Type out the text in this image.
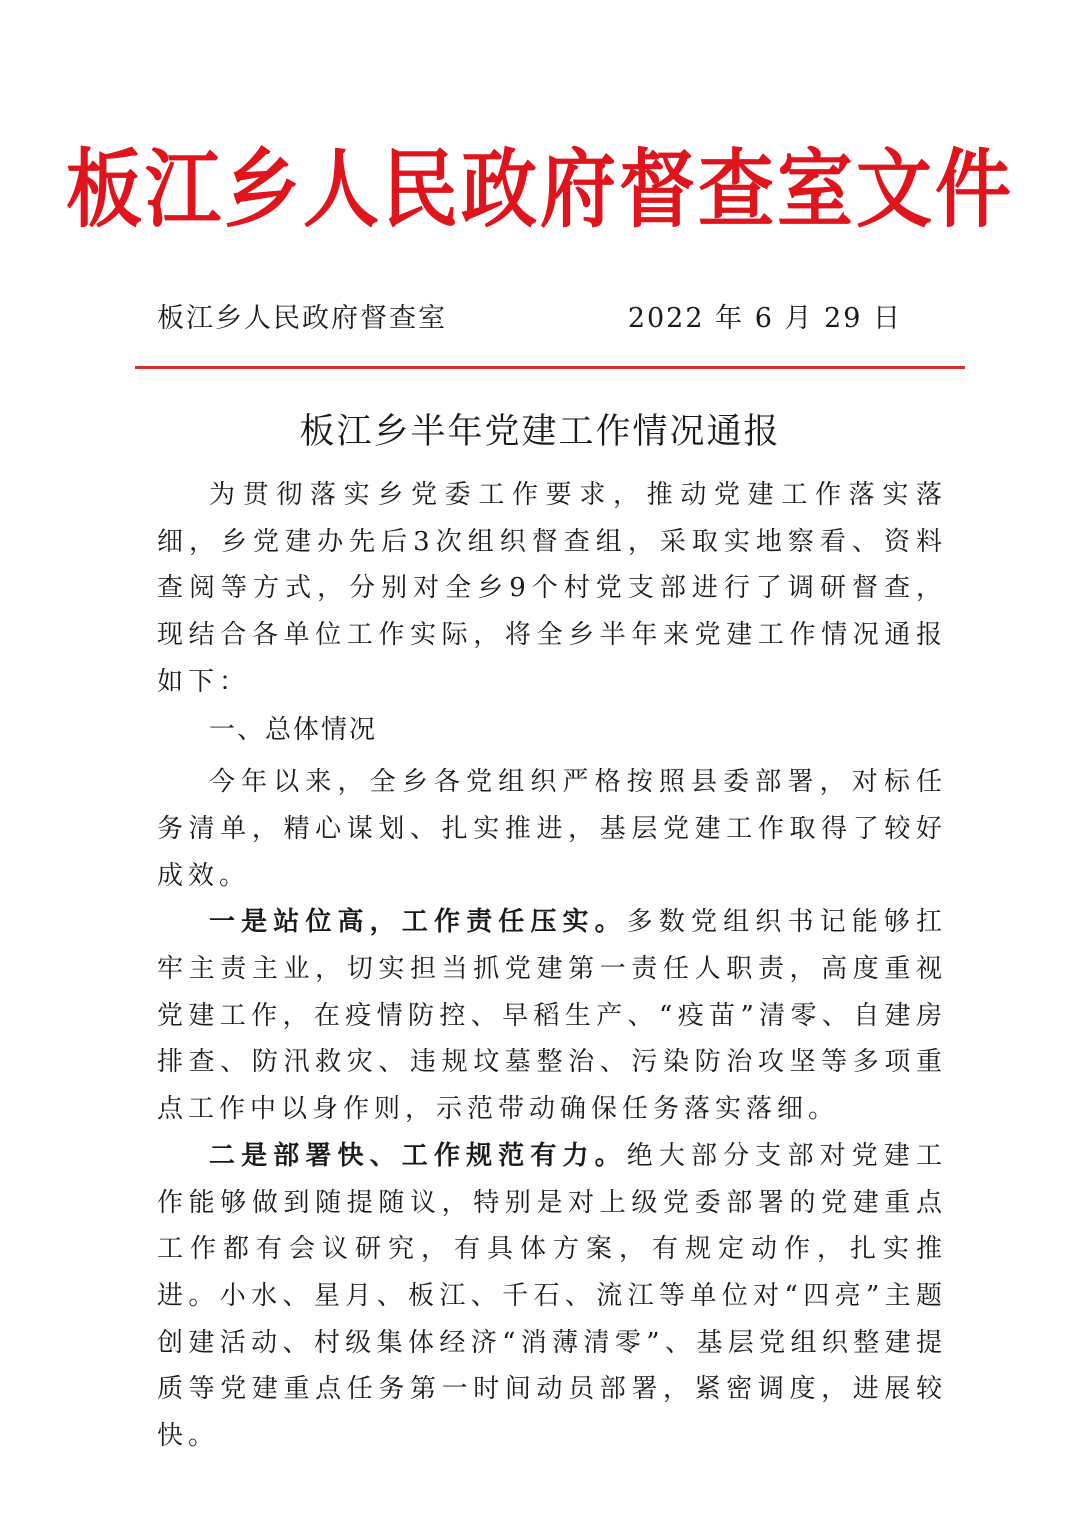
板江乡人民政府督查室文件
板江乡人民政府督查室	2022 年 6 月 29 日
板江乡半年党建工作情况通报

为贯彻落实乡党委工作要求，推动党建工作落实落细，乡党建办先后3次组织督查组，采取实地察看、资料查阅等方式，分别对全乡9个村党支部进行了调研督查，现结合各单位工作实际，将全乡半年来党建工作情况通报如下：

一、总体情况

今年以来，全乡各党组织严格按照县委部署，对标任务清单，精心谋划、扎实推进，基层党建工作取得了较好成效。

一是站位高，工作责任压实。多数党组织书记能够扛牢主责主业，切实担当抓党建第一责任人职责，高度重视党建工作，在疫情防控、早稻生产、“疫苗”清零、自建房排查、防汛救灾、违规坟墓整治、污染防治攻坚等多项重点工作中以身作则，示范带动确保任务落实落细。

二是部署快、工作规范有力。绝大部分支部对党建工作能够做到随提随议，特别是对上级党委部署的党建重点工作都有会议研究，有具体方案，有规定动作，扎实推进。小水、星月、板江、千石、流江等单位对“四亮”主题创建活动、村级集体经济“消薄清零”、基层党组织整建提质等党建重点任务第一时间动员部署，紧密调度，进展较快。
